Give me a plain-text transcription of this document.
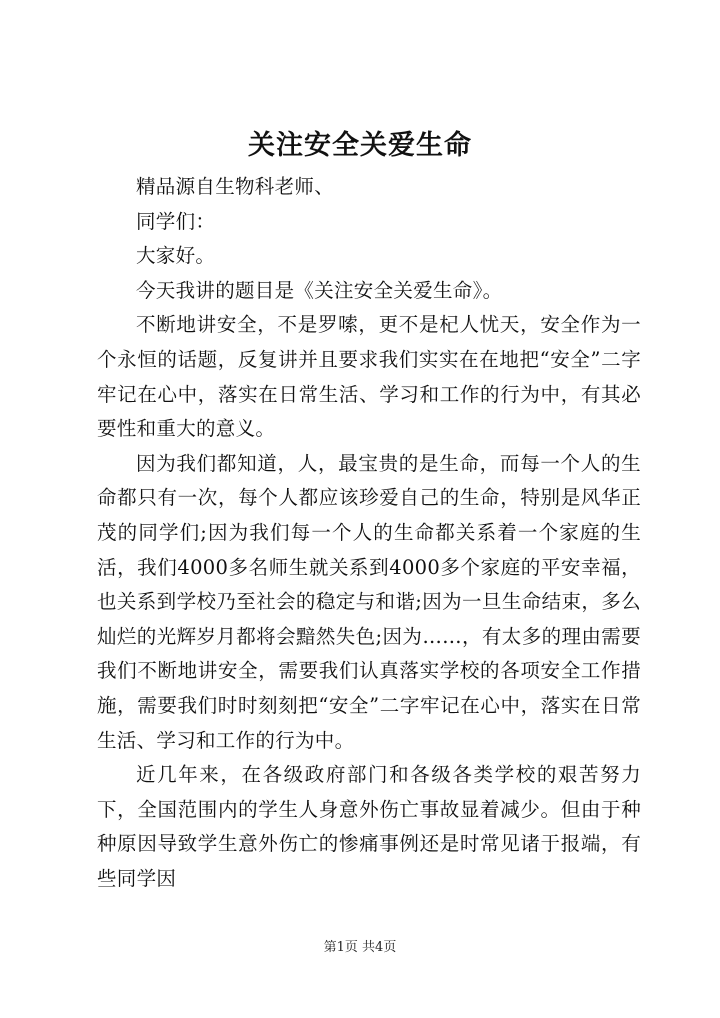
关注安全关爱生命

精品源自生物科老师、

同学们：

大家好。

今天我讲的题目是《关注安全关爱生命》。

不断地讲安全，不是罗嗦，更不是杞人忧天，安全作为一个永恒的话题，反复讲并且要求我们实实在在地把“安全”二字牢记在心中，落实在日常生活、学习和工作的行为中，有其必要性和重大的意义。

因为我们都知道，人，最宝贵的是生命，而每一个人的生命都只有一次，每个人都应该珍爱自己的生命，特别是风华正茂的同学们;因为我们每一个人的生命都关系着一个家庭的生活，我们4000多名师生就关系到4000多个家庭的平安幸福，也关系到学校乃至社会的稳定与和谐;因为一旦生命结束，多么灿烂的光辉岁月都将会黯然失色;因为……，有太多的理由需要我们不断地讲安全，需要我们认真落实学校的各项安全工作措施，需要我们时时刻刻把“安全”二字牢记在心中，落实在日常生活、学习和工作的行为中。

近几年来，在各级政府部门和各级各类学校的艰苦努力下，全国范围内的学生人身意外伤亡事故显着减少。但由于种种原因导致学生意外伤亡的惨痛事例还是时常见诸于报端，有些同学因

第1页 共4页
